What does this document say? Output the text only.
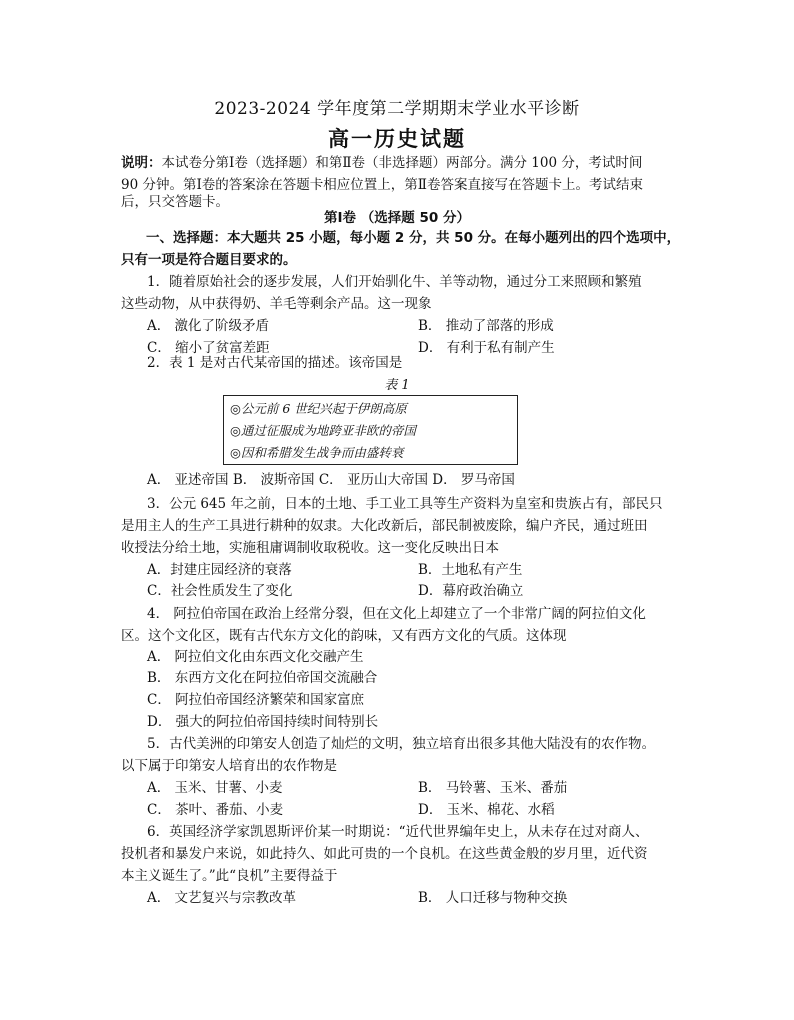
2023-2024 学年度第二学期期末学业水平诊断
高一历史试题
说明：本试卷分第Ⅰ卷（选择题）和第Ⅱ卷（非选择题）两部分。满分 100 分，考试时间
90 分钟。第Ⅰ卷的答案涂在答题卡相应位置上，第Ⅱ卷答案直接写在答题卡上。考试结束
后，只交答题卡。
第Ⅰ卷 （选择题 50 分）
一、选择题：本大题共 25 小题，每小题 2 分，共 50 分。在每小题列出的四个选项中，
只有一项是符合题目要求的。
1．随着原始社会的逐步发展，人们开始驯化牛、羊等动物，通过分工来照顾和繁殖
这些动物，从中获得奶、羊毛等剩余产品。这一现象
A． 激化了阶级矛盾	B． 推动了部落的形成
C． 缩小了贫富差距	D． 有利于私有制产生
2．表 1 是对古代某帝国的描述。该帝国是
表 1
◎公元前 6 世纪兴起于伊朗高原
◎通过征服成为地跨亚非欧的帝国
◎因和希腊发生战争而由盛转衰
A． 亚述帝国 B． 波斯帝国 C． 亚历山大帝国 D． 罗马帝国
3．公元 645 年之前，日本的土地、手工业工具等生产资料为皇室和贵族占有，部民只
是用主人的生产工具进行耕种的奴隶。大化改新后，部民制被废除，编户齐民，通过班田
收授法分给土地，实施租庸调制收取税收。这一变化反映出日本
A．封建庄园经济的衰落	B．土地私有产生
C．社会性质发生了变化	D．幕府政治确立
4． 阿拉伯帝国在政治上经常分裂，但在文化上却建立了一个非常广阔的阿拉伯文化
区。这个文化区，既有古代东方文化的韵味，又有西方文化的气质。这体现
A． 阿拉伯文化由东西文化交融产生
B． 东西方文化在阿拉伯帝国交流融合
C． 阿拉伯帝国经济繁荣和国家富庶
D． 强大的阿拉伯帝国持续时间特别长
5．古代美洲的印第安人创造了灿烂的文明，独立培育出很多其他大陆没有的农作物。
以下属于印第安人培育出的农作物是
A． 玉米、甘薯、小麦	B． 马铃薯、玉米、番茄
C． 茶叶、番茄、小麦	D． 玉米、棉花、水稻
6．英国经济学家凯恩斯评价某一时期说：“近代世界编年史上，从未存在过对商人、
投机者和暴发户来说，如此持久、如此可贵的一个良机。在这些黄金般的岁月里，近代资
本主义诞生了。”此“良机”主要得益于
A． 文艺复兴与宗教改革	B． 人口迁移与物种交换
